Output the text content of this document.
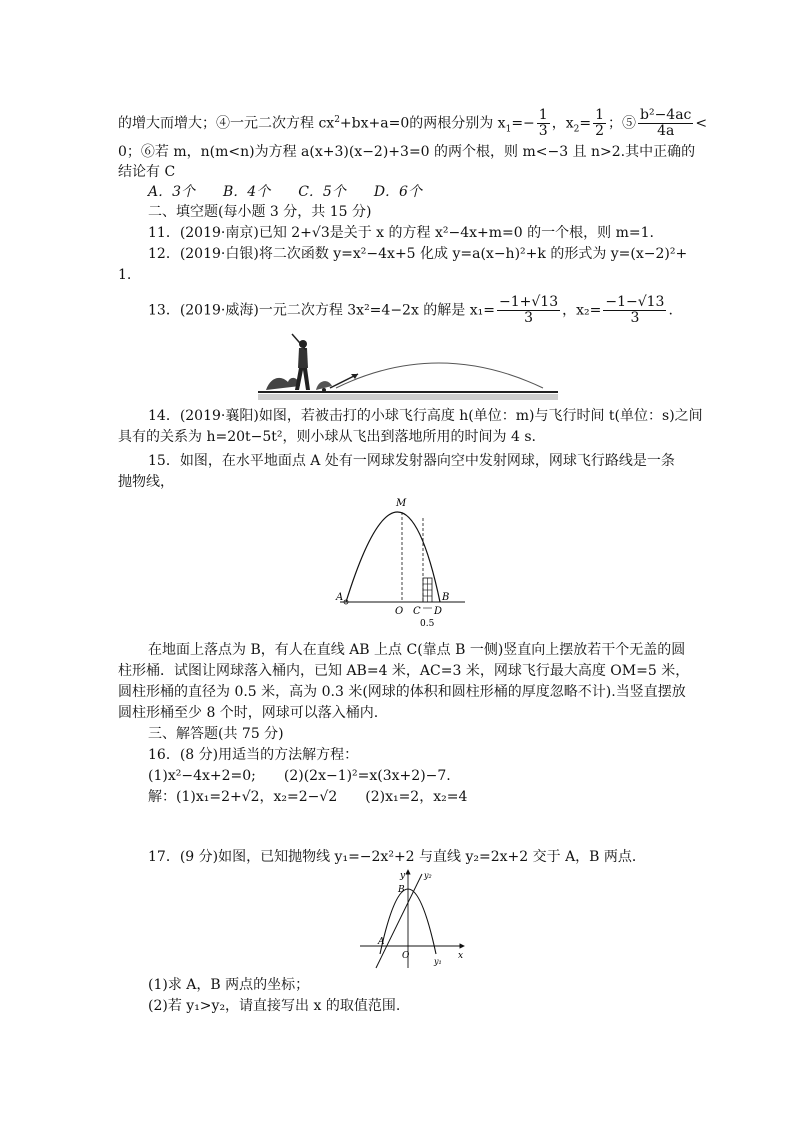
的增大而增大；④一元二次方程 $cx^2+bx+a=0$的两根分别为 $x_1=- \frac{1}{3}$ ，$x_2= \frac{1}{2}$ ；⑤ $\frac{\text{b²−4ac}}{4a}$ <
0；⑥若 m，n(m<n)为方程 a(x+3)(x−2)+3=0 的两个根，则 m<−3 且 n>2.其中正确的
结论有 C
A．3个　　B．4个　　C．5个　　D．6个
二、填空题(每小题 3 分，共 15 分)
11．(2019·南京)已知 2+√3是关于 x 的方程 x²−4x+m=0 的一个根，则 m=1.
12．(2019·白银)将二次函数 y=x²−4x+5 化成 y=a(x−h)²+k 的形式为 y=(x−2)²+
1.
13．(2019·威海)一元二次方程 3x²=4−2x 的解是 $x_1= \frac{-1+√13}{3}$ ，$x_2= \frac{-1-√13}{3}$ .
14．(2019·襄阳)如图，若被击打的小球飞行高度 h(单位：m)与飞行时间 t(单位：s)之间
具有的关系为 h=20t−5t²，则小球从飞出到落地所用的时间为 4 s.
15．如图，在水平地面点 A 处有一网球发射器向空中发射网球，网球飞行路线是一条
抛物线，
M
A
O C
B
D
0.5
在地面上落点为 B，有人在直线 AB 上点 C(靠点 B 一侧)竖直向上摆放若干个无盖的圆
柱形桶．试图让网球落入桶内，已知 AB=4 米，AC=3 米，网球飞行最大高度 OM=5 米，
圆柱形桶的直径为 0.5 米，高为 0.3 米(网球的体积和圆柱形桶的厚度忽略不计).当竖直摆放
圆柱形桶至少 8 个时，网球可以落入桶内.
三、解答题(共 75 分)
16．(8 分)用适当的方法解方程：
(1)x²−4x+2=0;　　(2)(2x−1)²=x(3x+2)−7.
解：(1)x₁=2+√2，x₂=2−√2　　(2)x₁=2，x₂=4
17．(9 分)如图，已知抛物线 y₁=−2x²+2 与直线 y₂=2x+2 交于 A，B 两点．
y y₂
B
A
O
y₁
x
(1)求 A，B 两点的坐标；
(2)若 y₁>y₂，请直接写出 x 的取值范围.
